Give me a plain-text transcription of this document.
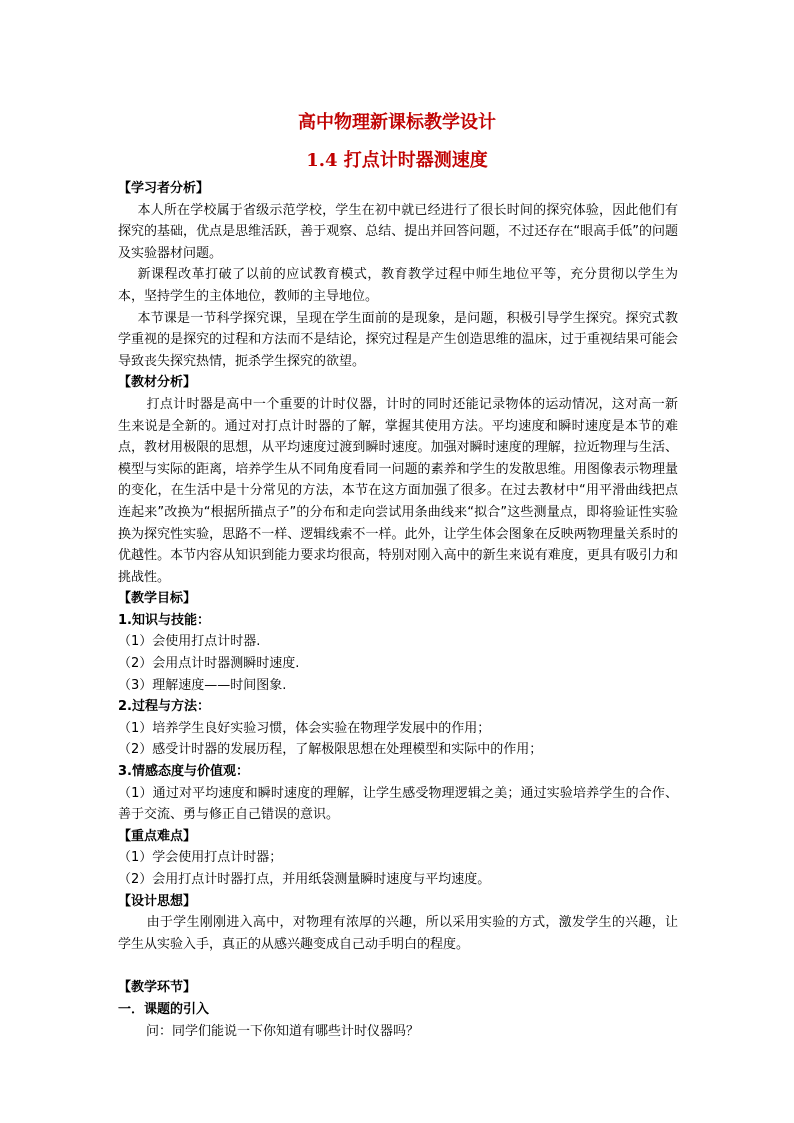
高中物理新课标教学设计
1.4 打点计时器测速度

【学习者分析】

本人所在学校属于省级示范学校，学生在初中就已经进行了很长时间的探究体验，因此他们有探究的基础，优点是思维活跃，善于观察、总结、提出并回答问题，不过还存在“眼高手低”的问题及实验器材问题。

新课程改革打破了以前的应试教育模式，教育教学过程中师生地位平等，充分贯彻以学生为本，坚持学生的主体地位，教师的主导地位。

本节课是一节科学探究课，呈现在学生面前的是现象，是问题，积极引导学生探究。探究式教学重视的是探究的过程和方法而不是结论，探究过程是产生创造思维的温床，过于重视结果可能会导致丧失探究热情，扼杀学生探究的欲望。

【教材分析】

打点计时器是高中一个重要的计时仪器，计时的同时还能记录物体的运动情况，这对高一新生来说是全新的。通过对打点计时器的了解，掌握其使用方法。平均速度和瞬时速度是本节的难点，教材用极限的思想，从平均速度过渡到瞬时速度。加强对瞬时速度的理解，拉近物理与生活、模型与实际的距离，培养学生从不同角度看同一问题的素养和学生的发散思维。用图像表示物理量的变化，在生活中是十分常见的方法，本节在这方面加强了很多。在过去教材中“用平滑曲线把点连起来”改换为“根据所描点子”的分布和走向尝试用条曲线来“拟合”这些测量点，即将验证性实验换为探究性实验，思路不一样、逻辑线索不一样。此外，让学生体会图象在反映两物理量关系时的优越性。本节内容从知识到能力要求均很高，特别对刚入高中的新生来说有难度，更具有吸引力和挑战性。

【教学目标】

1.知识与技能：

（1）会使用打点计时器.

（2）会用点计时器测瞬时速度.

（3）理解速度——时间图象.

2.过程与方法：

（1）培养学生良好实验习惯，体会实验在物理学发展中的作用；

（2）感受计时器的发展历程，了解极限思想在处理模型和实际中的作用；

3.情感态度与价值观：

（1）通过对平均速度和瞬时速度的理解，让学生感受物理逻辑之美；通过实验培养学生的合作、善于交流、勇与修正自己错误的意识。

【重点难点】

（1）学会使用打点计时器；

（2）会用打点计时器打点，并用纸袋测量瞬时速度与平均速度。

【设计思想】

由于学生刚刚进入高中，对物理有浓厚的兴趣，所以采用实验的方式，激发学生的兴趣，让学生从实验入手，真正的从感兴趣变成自己动手明白的程度。

【教学环节】

一．课题的引入

问：同学们能说一下你知道有哪些计时仪器吗？
